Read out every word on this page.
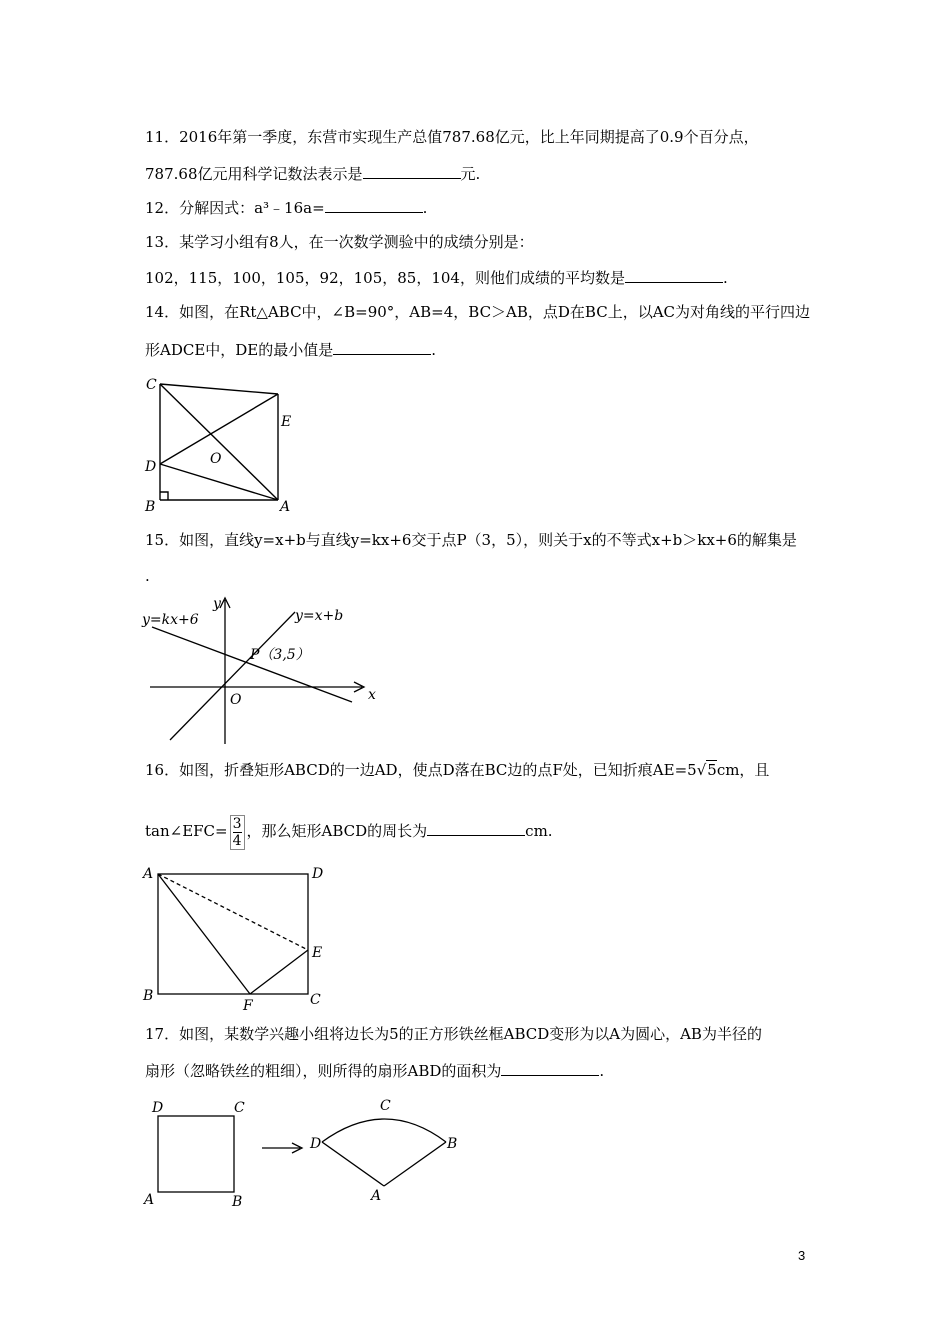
11．2016年第一季度，东营市实现生产总值787.68亿元，比上年同期提高了0.9个百分点，
787.68亿元用科学记数法表示是	元.
12．分解因式：a³﹣16a=	.
13．某学习小组有8人，在一次数学测验中的成绩分别是：
102，115，100，105，92，105，85，104，则他们成绩的平均数是	.
14．如图，在Rt△ABC中，∠B=90°，AB=4，BC＞AB，点D在BC上，以AC为对角线的平行四边
形ADCE中，DE的最小值是	.
C
E
O
D
B	A
15．如图，直线y=x+b与直线y=kx+6交于点P（3，5），则关于x的不等式x+b＞kx+6的解集是
.
y
x
O
y=kx+6	y=x+b
P（3,5）
16．如图，折叠矩形ABCD的一边AD，使点D落在BC边的点F处，已知折痕AE=5√5cm，且
tan∠EFC= $\frac{3}{4}$ ，那么矩形ABCD的周长为	cm.
A	D
E
B
F	C
17．如图，某数学兴趣小组将边长为5的正方形铁丝框ABCD变形为以A为圆心，AB为半径的
扇形（忽略铁丝的粗细），则所得的扇形ABD的面积为	.
D	C
A	B
C
D	B
A
3
